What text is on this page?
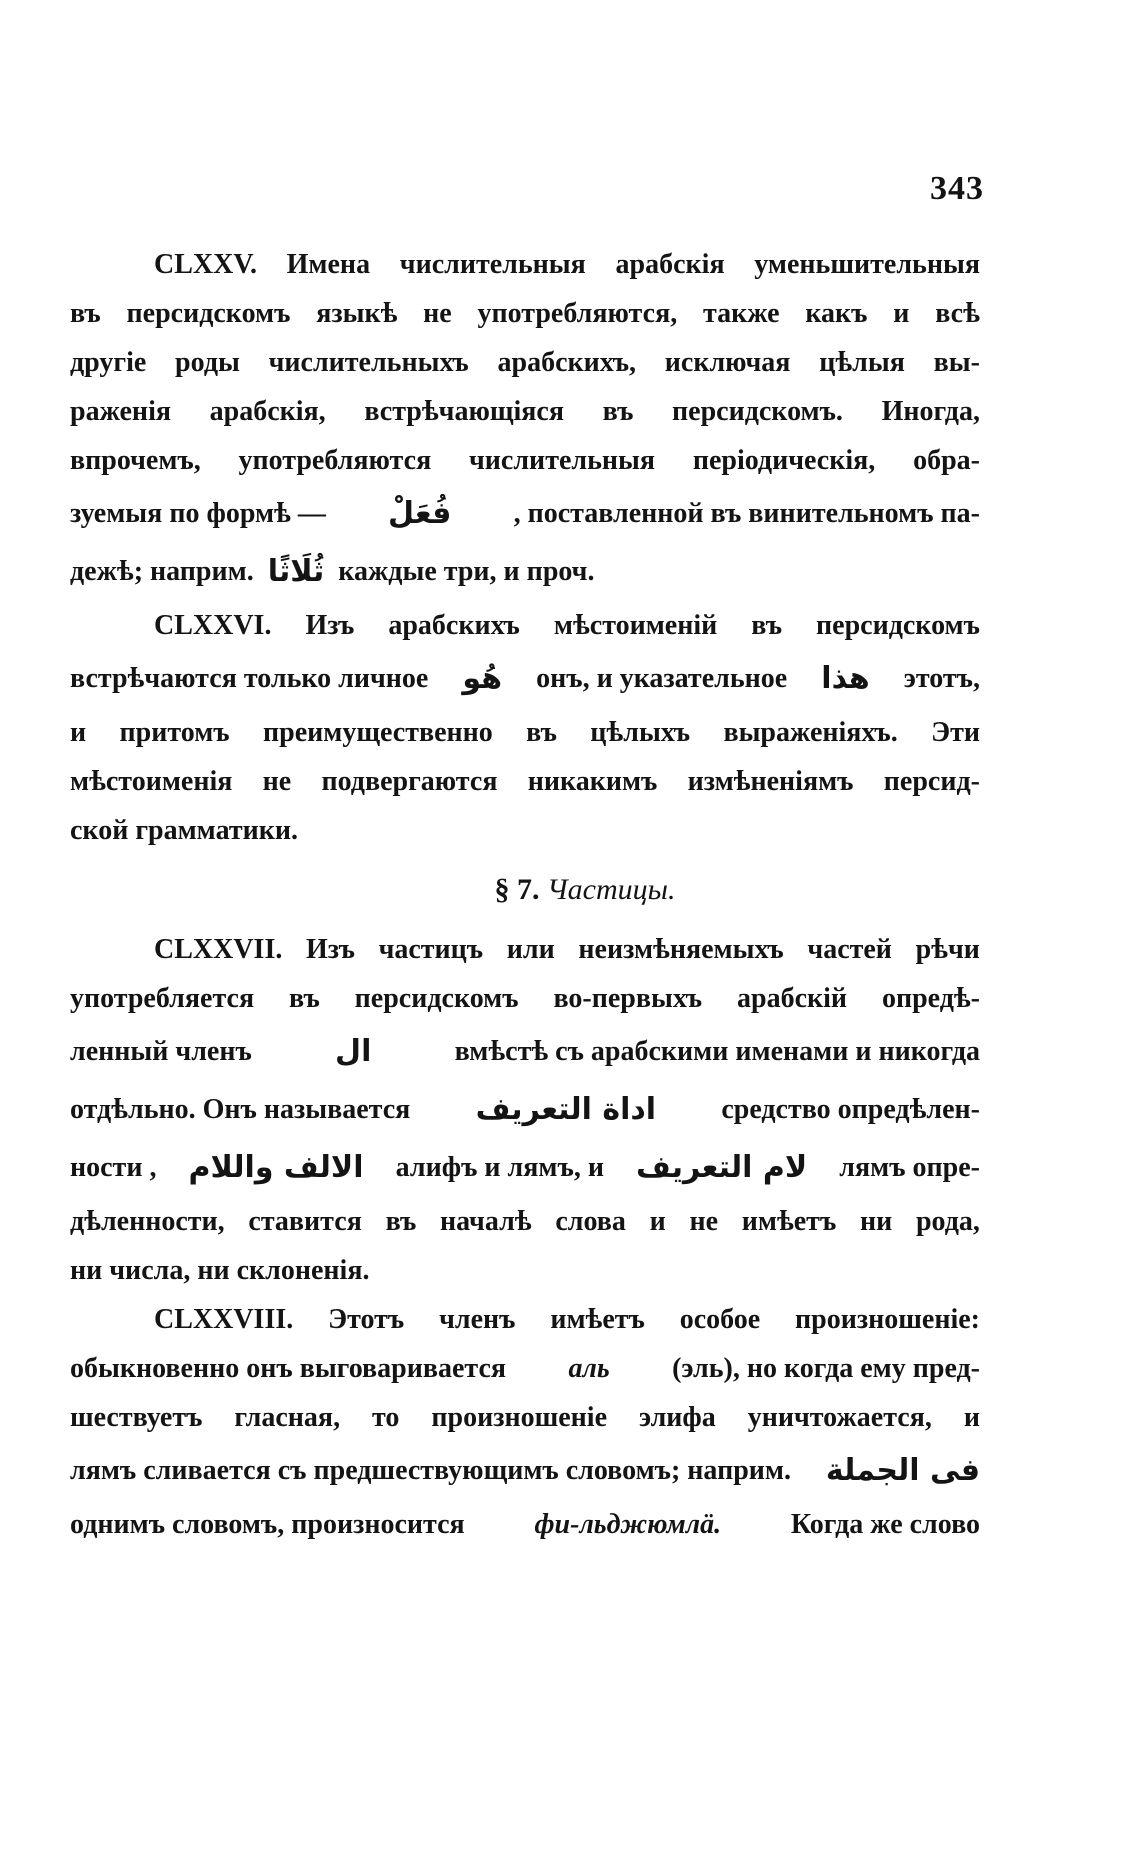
343
CLXXV. Имена числительныя арабскія уменьшительныя
въ персидскомъ языкѣ не употребляются, также какъ и всѣ
другіе роды числительныхъ арабскихъ, исключая цѣлыя вы-
раженія арабскія, встрѣчающіяся въ персидскомъ. Иногда,
впрочемъ, употребляются числительныя періодическія, обра-
зуемыя по формѣ — فُعَلْ , поставленной въ винительномъ па-
дежѣ; наприм. ثُلَاثًا каждые три, и проч.
CLXXVI. Изъ арабскихъ мѣстоименій въ персидскомъ
встрѣчаются только личное هُو онъ, и указательное هذا этотъ,
и притомъ преимущественно въ цѣлыхъ выраженіяхъ. Эти
мѣстоименія не подвергаются никакимъ измѣненіямъ персид-
ской грамматики.
§ 7. Частицы.
CLXXVII. Изъ частицъ или неизмѣняемыхъ частей рѣчи
употребляется въ персидскомъ во-первыхъ арабскій опредѣ-
ленный членъ	ال	вмѣстѣ съ арабскими именами и никогда
отдѣльно. Онъ называется اداة التعريف средство опредѣлен-
ности , الالف واللام алифъ и лямъ, и لام التعريف лямъ опре-
дѣленности, ставится въ началѣ слова и не имѣетъ ни рода,
ни числа, ни склоненія.
CLXXVIII. Этотъ членъ имѣетъ особое произношеніе:
обыкновенно онъ выговаривается аль (эль), но когда ему пред-
шествуетъ гласная, то произношеніе элифа уничтожается, и
лямъ сливается съ предшествующимъ словомъ; наприм. فى الجملة
однимъ словомъ, произносится фи-льджюмлä. Когда же слово
